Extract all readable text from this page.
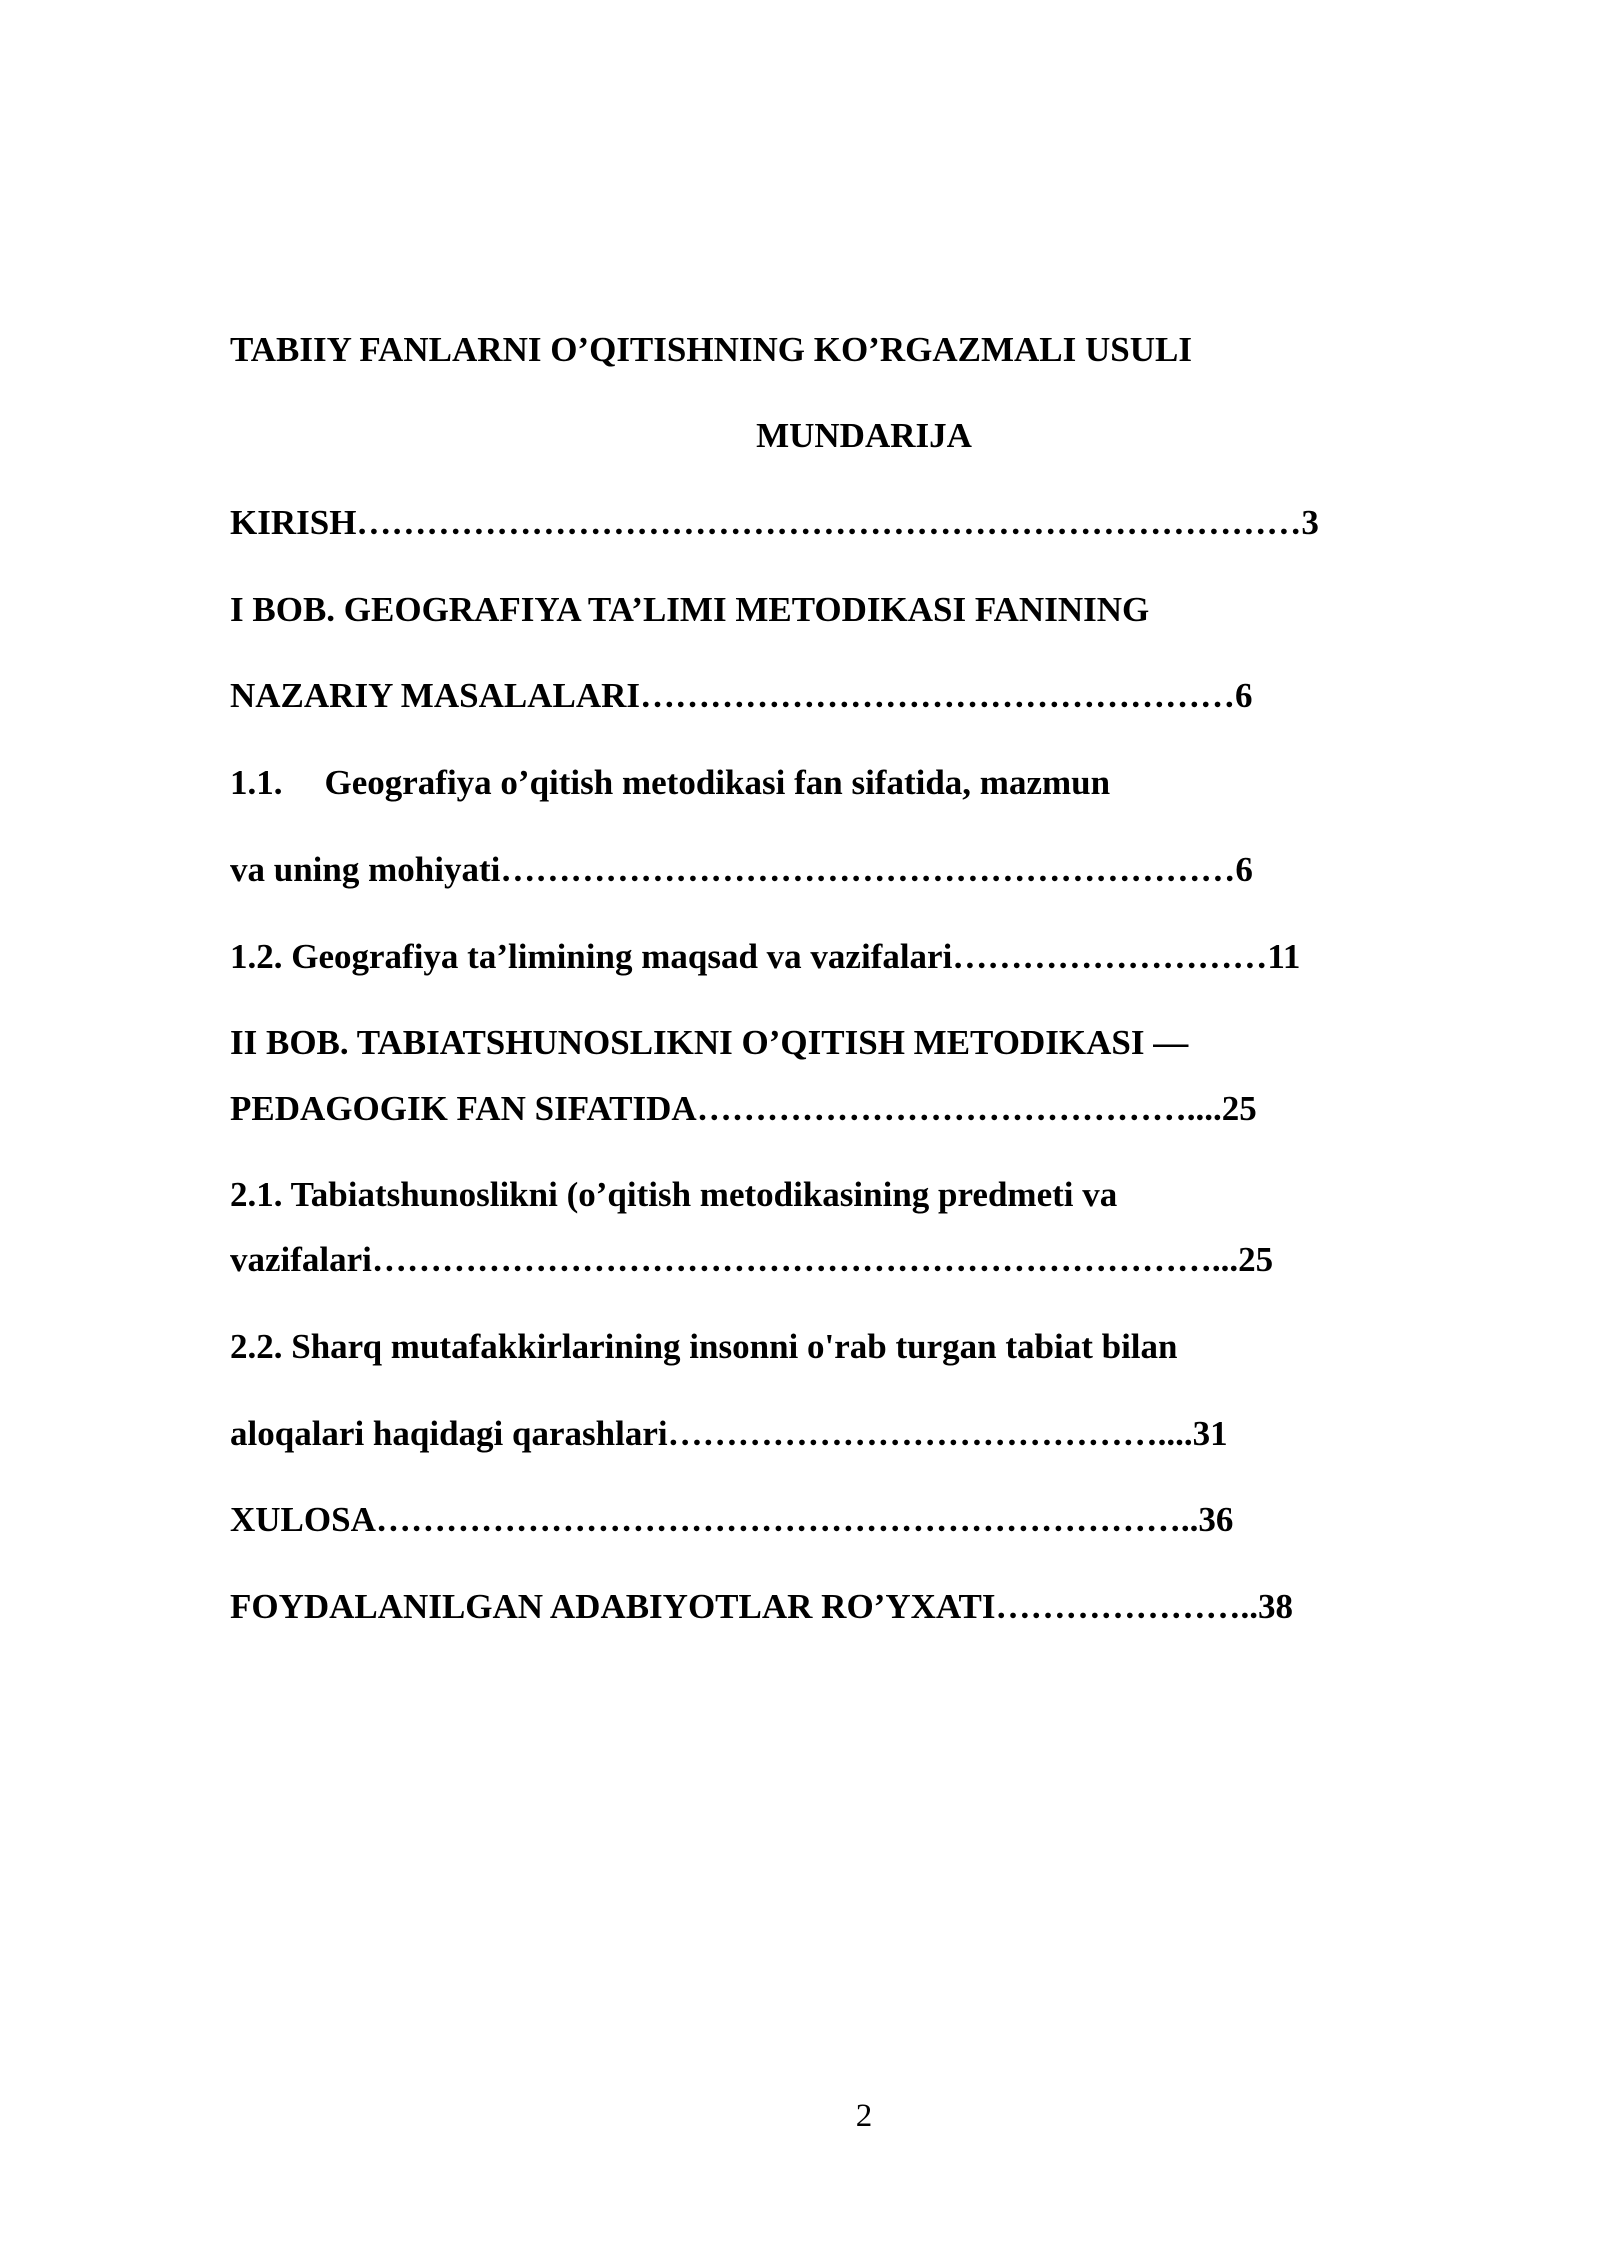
TABIIY FANLARNI O’QITISHNING KO’RGAZMALI USULI
MUNDARIJA
KIRISH………………………………………………………………………3
I BOB. GEOGRAFIYA TA’LIMI METODIKASI FANINING
NAZARIY MASALALARI……………………………………………6
1.1. Geografiya o’qitish metodikasi fan sifatida, mazmun
va uning mohiyati………………………………………………………6
1.2. Geografiya ta’limining maqsad va vazifalari………………………11
II BOB. TABIATSHUNOSLIKNI O’QITISH METODIKASI —
PEDAGOGIK FAN SIFATIDA……………………………………....25
2.1. Tabiatshunoslikni (o’qitish metodikasining predmeti va
vazifalari………………………………………………………………...25
2.2. Sharq mutafakkirlarining insonni o'rab turgan tabiat bilan
aloqalari haqidagi qarashlari……………………………………....31
XULOSA……………………………………………………………..36
FOYDALANILGAN ADABIYOTLAR RO’YXATI…………………..38
2
